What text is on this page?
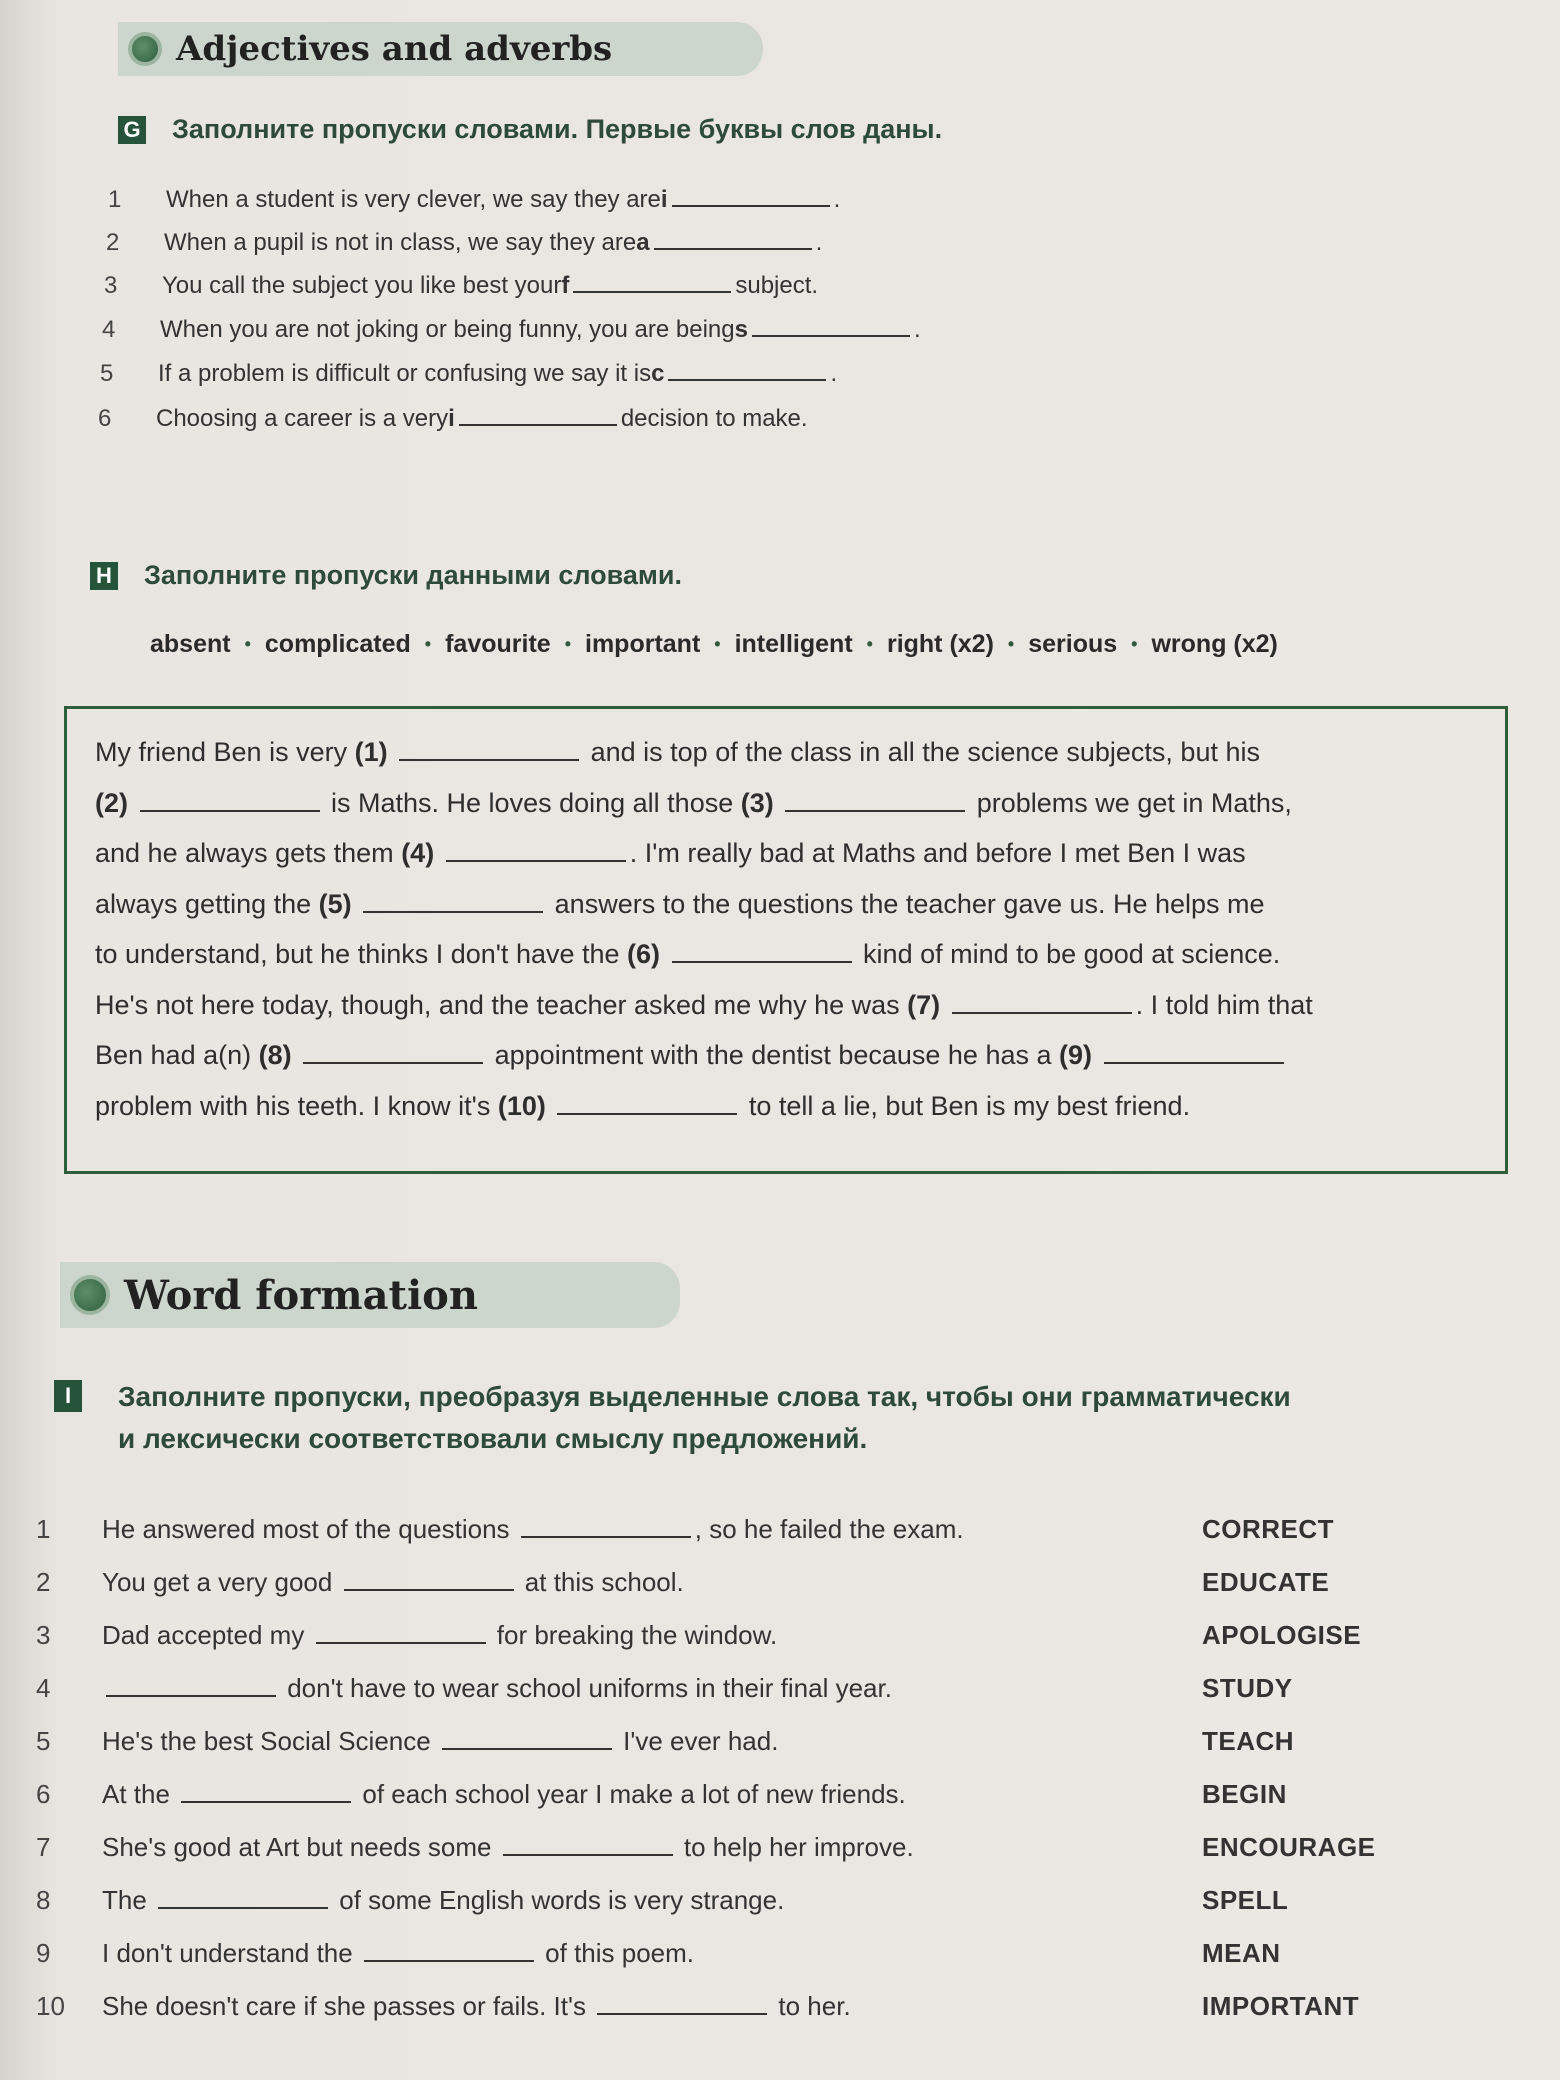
Adjectives and adverbs
G Заполните пропуски словами. Первые буквы слов даны.
1	When a student is very clever, we say they are i	.
2	When a pupil is not in class, we say they are a	.
3	You call the subject you like best your f	subject.
4	When you are not joking or being funny, you are being s	.
5	If a problem is difficult or confusing we say it is c	.
6	Choosing a career is a very i	decision to make.
H Заполните пропуски данными словами.
absent • complicated • favourite • important • intelligent • right (x2) • serious • wrong (x2)
My friend Ben is very (1)	and is top of the class in all the science subjects, but his
(2)	is Maths. He loves doing all those (3)	problems we get in Maths,
and he always gets them (4)	. I'm really bad at Maths and before I met Ben I was
always getting the (5)	answers to the questions the teacher gave us. He helps me
to understand, but he thinks I don't have the (6)	kind of mind to be good at science.
He's not here today, though, and the teacher asked me why he was (7)	. I told him that
Ben had a(n) (8)	appointment with the dentist because he has a (9)
problem with his teeth. I know it's (10)	to tell a lie, but Ben is my best friend.
Word formation
I	Заполните пропуски, преобразуя выделенные слова так, чтобы они грамматически
и лексически соответствовали смыслу предложений.
1	He answered most of the questions	, so he failed the exam.	CORRECT
2	You get a very good	at this school.	EDUCATE
3	Dad accepted my	for breaking the window.	APOLOGISE
4	don't have to wear school uniforms in their final year.	STUDY
5	He's the best Social Science	I've ever had.	TEACH
6	At the	of each school year I make a lot of new friends.	BEGIN
7	She's good at Art but needs some	to help her improve.	ENCOURAGE
8	The	of some English words is very strange.	SPELL
9	I don't understand the	of this poem.	MEAN
10	She doesn't care if she passes or fails. It's	to her.	IMPORTANT
